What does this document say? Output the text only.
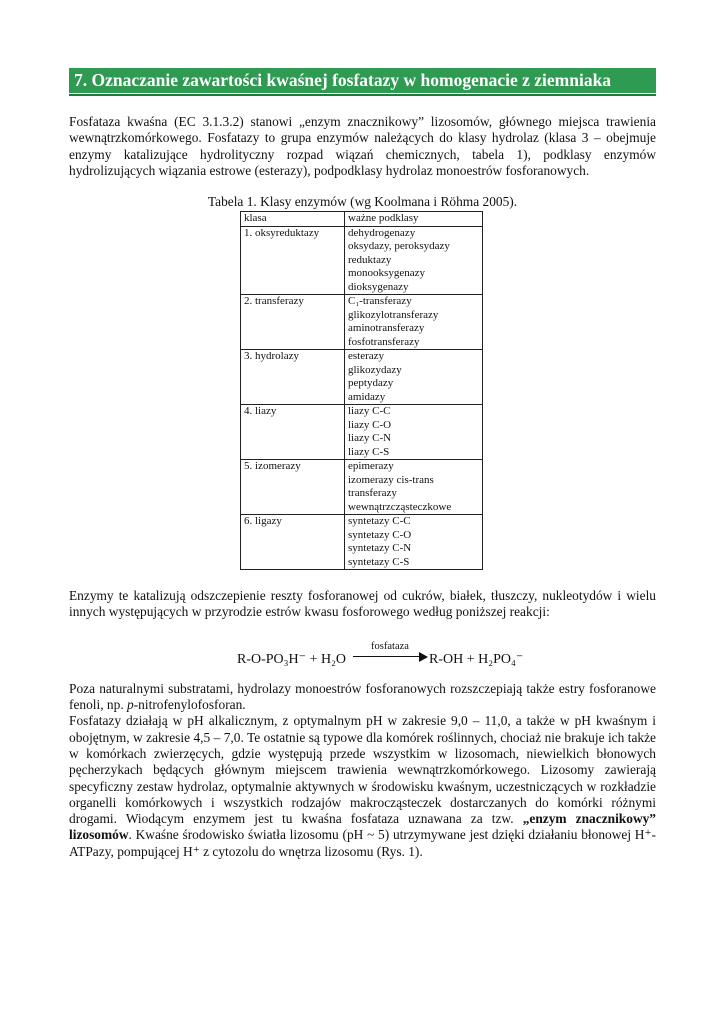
7. Oznaczanie zawartości kwaśnej fosfatazy w homogenacie z ziemniaka

Fosfataza kwaśna (EC 3.1.3.2) stanowi „enzym znacznikowy” lizosomów, głównego miejsca trawienia wewnątrzkomórkowego. Fosfatazy to grupa enzymów należących do klasy hydrolaz (klasa 3 – obejmuje enzymy katalizujące hydrolityczny rozpad wiązań chemicznych, tabela 1), podklasy enzymów hydrolizujących wiązania estrowe (esterazy), podpodklasy hydrolaz monoestrów fosforanowych.

Tabela 1. Klasy enzymów (wg Koolmana i Röhma 2005).
klasa	ważne podklasy
1. oksyreduktazy	dehydrogenazy
oksydazy, peroksydazy
reduktazy
monooksygenazy
dioksygenazy

2. transferazy	C₁-transferazy
glikozylotransferazy
aminotransferazy
fosfotransferazy

3. hydrolazy	esterazy
glikozydazy
peptydazy
amidazy

4. liazy	liazy C-C
liazy C-O
liazy C-N
liazy C-S

5. izomerazy	epimerazy
izomerazy cis-trans
transferazy
wewnątrzcząsteczkowe

6. ligazy	syntetazy C-C
syntetazy C-O
syntetazy C-N
syntetazy C-S

Enzymy te katalizują odszczepienie reszty fosforanowej od cukrów, białek, tłuszczy, nukleotydów i wielu innych występujących w przyrodzie estrów kwasu fosforowego według poniższej reakcji:

R-O-PO₃H⁻ + H₂O
fosfataza
R-OH + H₂PO₄⁻

Poza naturalnymi substratami, hydrolazy monoestrów fosforanowych rozszczepiają także estry fosforanowe fenoli, np. p-nitrofenylofosforan.

Fosfatazy działają w pH alkalicznym, z optymalnym pH w zakresie 9,0 – 11,0, a także w pH kwaśnym i obojętnym, w zakresie 4,5 – 7,0. Te ostatnie są typowe dla komórek roślinnych, chociaż nie brakuje ich także w komórkach zwierzęcych, gdzie występują przede wszystkim w lizosomach, niewielkich błonowych pęcherzykach będących głównym miejscem trawienia wewnątrzkomórkowego. Lizosomy zawierają specyficzny zestaw hydrolaz, optymalnie aktywnych w środowisku kwaśnym, uczestniczących w rozkładzie organelli komórkowych i wszystkich rodzajów makrocząsteczek dostarczanych do komórki różnymi drogami. Wiodącym enzymem jest tu kwaśna fosfataza uznawana za tzw. „enzym znacznikowy” lizosomów. Kwaśne środowisko światła lizosomu (pH ~ 5) utrzymywane jest dzięki działaniu błonowej H⁺-ATPazy, pompującej H⁺ z cytozolu do wnętrza lizosomu (Rys. 1).
